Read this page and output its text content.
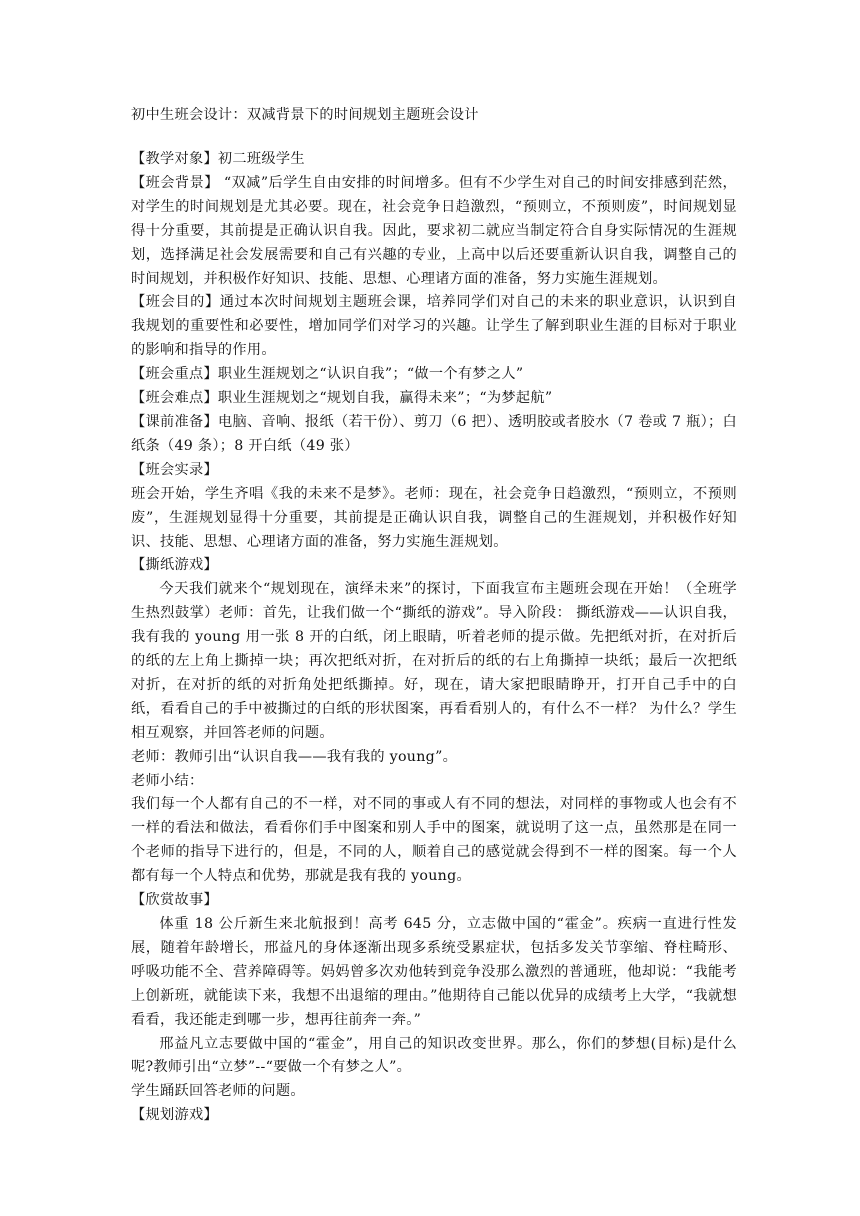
初中生班会设计：双减背景下的时间规划主题班会设计

【教学对象】初二班级学生

【班会背景】 “双减”后学生自由安排的时间增多。但有不少学生对自己的时间安排感到茫然，对学生的时间规划是尤其必要。现在，社会竞争日趋激烈，“预则立，不预则废”，时间规划显得十分重要，其前提是正确认识自我。因此，要求初二就应当制定符合自身实际情况的生涯规划，选择满足社会发展需要和自己有兴趣的专业，上高中以后还要重新认识自我，调整自己的时间规划，并积极作好知识、技能、思想、心理诸方面的准备，努力实施生涯规划。

【班会目的】通过本次时间规划主题班会课，培养同学们对自己的未来的职业意识，认识到自我规划的重要性和必要性，增加同学们对学习的兴趣。让学生了解到职业生涯的目标对于职业的影响和指导的作用。

【班会重点】职业生涯规划之“认识自我”；“做一个有梦之人”

【班会难点】职业生涯规划之“规划自我，赢得未来”；“为梦起航”

【课前准备】电脑、音响、报纸（若干份）、剪刀（6 把）、透明胶或者胶水（7 卷或 7 瓶）；白纸条（49 条）；8 开白纸（49 张）

【班会实录】

班会开始，学生齐唱《我的未来不是梦》。老师：现在，社会竞争日趋激烈，“预则立，不预则废”，生涯规划显得十分重要，其前提是正确认识自我，调整自己的生涯规划，并积极作好知识、技能、思想、心理诸方面的准备，努力实施生涯规划。

【撕纸游戏】

今天我们就来个“规划现在，演绎未来”的探讨，下面我宣布主题班会现在开始！（全班学生热烈鼓掌）老师：首先，让我们做一个“撕纸的游戏”。导入阶段： 撕纸游戏——认识自我，我有我的 young 用一张 8 开的白纸，闭上眼睛，听着老师的提示做。先把纸对折，在对折后的纸的左上角上撕掉一块；再次把纸对折，在对折后的纸的右上角撕掉一块纸；最后一次把纸对折，在对折的纸的对折角处把纸撕掉。好，现在，请大家把眼睛睁开，打开自己手中的白纸，看看自己的手中被撕过的白纸的形状图案，再看看别人的，有什么不一样？ 为什么？学生相互观察，并回答老师的问题。

老师：教师引出“认识自我——我有我的 young”。

老师小结：

我们每一个人都有自己的不一样，对不同的事或人有不同的想法，对同样的事物或人也会有不一样的看法和做法，看看你们手中图案和别人手中的图案，就说明了这一点，虽然那是在同一个老师的指导下进行的，但是，不同的人，顺着自己的感觉就会得到不一样的图案。每一个人都有每一个人特点和优势，那就是我有我的 young。

【欣赏故事】

体重 18 公斤新生来北航报到！高考 645 分，立志做中国的“霍金”。疾病一直进行性发展，随着年龄增长，邢益凡的身体逐渐出现多系统受累症状，包括多发关节挛缩、脊柱畸形、呼吸功能不全、营养障碍等。妈妈曾多次劝他转到竞争没那么激烈的普通班，他却说：“我能考上创新班，就能读下来，我想不出退缩的理由。”他期待自己能以优异的成绩考上大学，“我就想看看，我还能走到哪一步，想再往前奔一奔。”

邢益凡立志要做中国的“霍金”，用自己的知识改变世界。那么，你们的梦想(目标)是什么呢?教师引出“立梦”--“要做一个有梦之人”。

学生踊跃回答老师的问题。

【规划游戏】
